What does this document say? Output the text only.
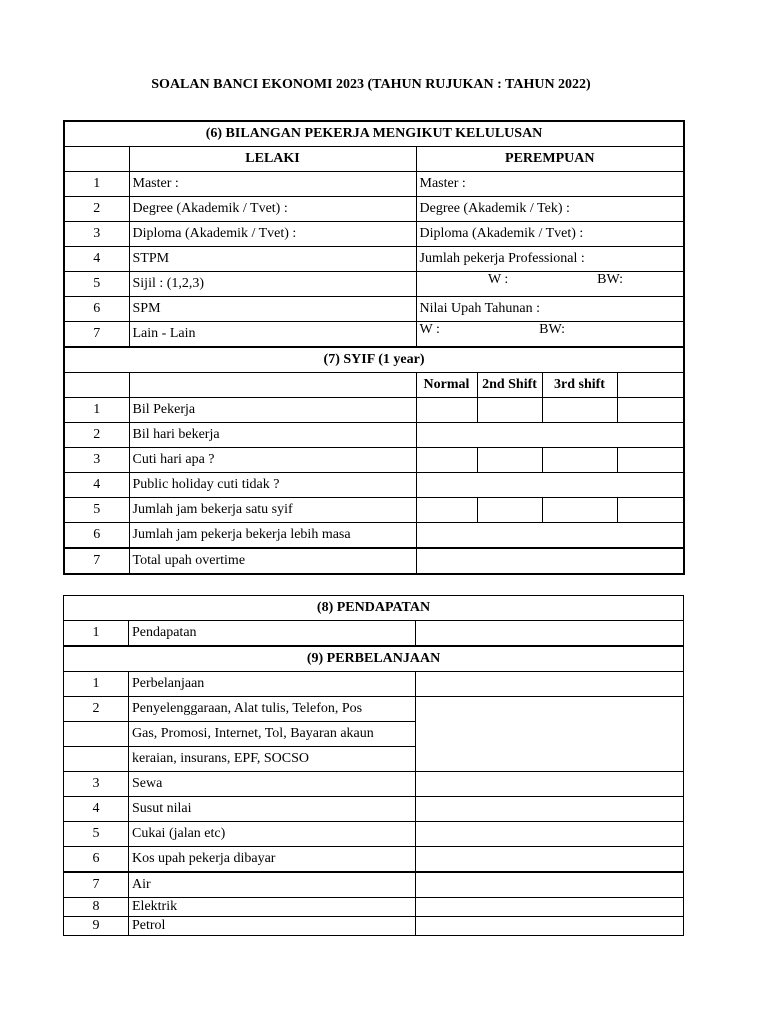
SOALAN BANCI EKONOMI 2023 (TAHUN RUJUKAN : TAHUN 2022)
(6) BILANGAN PEKERJA MENGIKUT KELULUSAN					
	LELAKI	PEREMPUAN			
1	Master :	Master :			
2	Degree (Akademik / Tvet) :	Degree (Akademik / Tek) :			
3	Diploma (Akademik / Tvet) :	Diploma (Akademik / Tvet) :			
4	STPM	Jumlah pekerja Professional :			
5	Sijil : (1,2,3)	W : BW:			

6	SPM	Nilai Upah Tahunan :			
7	Lain - Lain	W : BW:			

(7) SYIF (1 year)					
		Normal	2nd Shift	3rd shift	
1	Bil Pekerja				
2	Bil hari bekerja				
3	Cuti hari apa ?				
4	Public holiday cuti tidak ?				
5	Jumlah jam bekerja satu syif				
6	Jumlah jam pekerja bekerja lebih masa				
7	Total upah overtime				
(8) PENDAPATAN		
1	Pendapatan	
(9) PERBELANJAAN		
1	Perbelanjaan	
2	Penyelenggaraan, Alat tulis, Telefon, Pos	
	Gas, Promosi, Internet, Tol, Bayaran akaun	
	keraian, insurans, EPF, SOCSO	
3	Sewa	
4	Susut nilai	
5	Cukai (jalan etc)	
6	Kos upah pekerja dibayar	
7	Air	
8	Elektrik	
9	Petrol	
